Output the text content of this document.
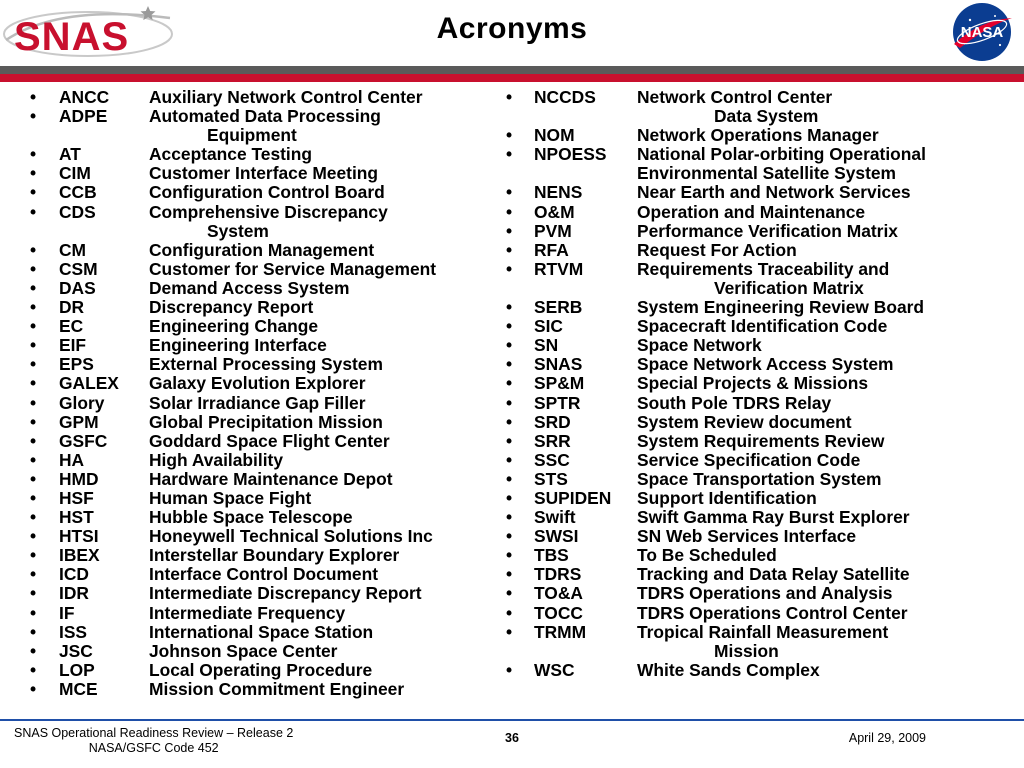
SNAS	Acronyms	NASA
• ANCC	Auxiliary Network Control Center
• ADPE	Automated Data Processing
Equipment
• AT	Acceptance Testing
• CIM	Customer Interface Meeting
• CCB	Configuration Control Board
• CDS	Comprehensive Discrepancy
System
• CM	Configuration Management
• CSM	Customer for Service Management
• DAS	Demand Access System
• DR	Discrepancy Report
• EC	Engineering Change
• EIF	Engineering Interface
• EPS	External Processing System
• GALEX	Galaxy Evolution Explorer
• Glory	Solar Irradiance Gap Filler
• GPM	Global Precipitation Mission
• GSFC	Goddard Space Flight Center
• HA	High Availability
• HMD	Hardware Maintenance Depot
• HSF	Human Space Fight
• HST	Hubble Space Telescope
• HTSI	Honeywell Technical Solutions Inc
• IBEX	Interstellar Boundary Explorer
• ICD	Interface Control Document
• IDR	Intermediate Discrepancy Report
• IF	Intermediate Frequency
• ISS	International Space Station
• JSC	Johnson Space Center
• LOP	Local Operating Procedure
• MCE	Mission Commitment Engineer
• NCCDS	Network Control Center
Data System
• NOM	Network Operations Manager
• NPOESS	National Polar-orbiting Operational
Environmental Satellite System
• NENS	Near Earth and Network Services
• O&M	Operation and Maintenance
• PVM	Performance Verification Matrix
• RFA	Request For Action
• RTVM	Requirements Traceability and
Verification Matrix
• SERB	System Engineering Review Board
• SIC	Spacecraft Identification Code
• SN	Space Network
• SNAS	Space Network Access System
• SP&M	Special Projects & Missions
• SPTR	South Pole TDRS Relay
• SRD	System Review document
• SRR	System Requirements Review
• SSC	Service Specification Code
• STS	Space Transportation System
• SUPIDEN	Support Identification
• Swift	Swift Gamma Ray Burst Explorer
• SWSI	SN Web Services Interface
• TBS	To Be Scheduled
• TDRS	Tracking and Data Relay Satellite
• TO&A	TDRS Operations and Analysis
• TOCC	TDRS Operations Control Center
• TRMM	Tropical Rainfall Measurement
Mission
• WSC	White Sands Complex
SNAS Operational Readiness Review – Release 2
NASA/GSFC Code 452
36	April 29, 2009
